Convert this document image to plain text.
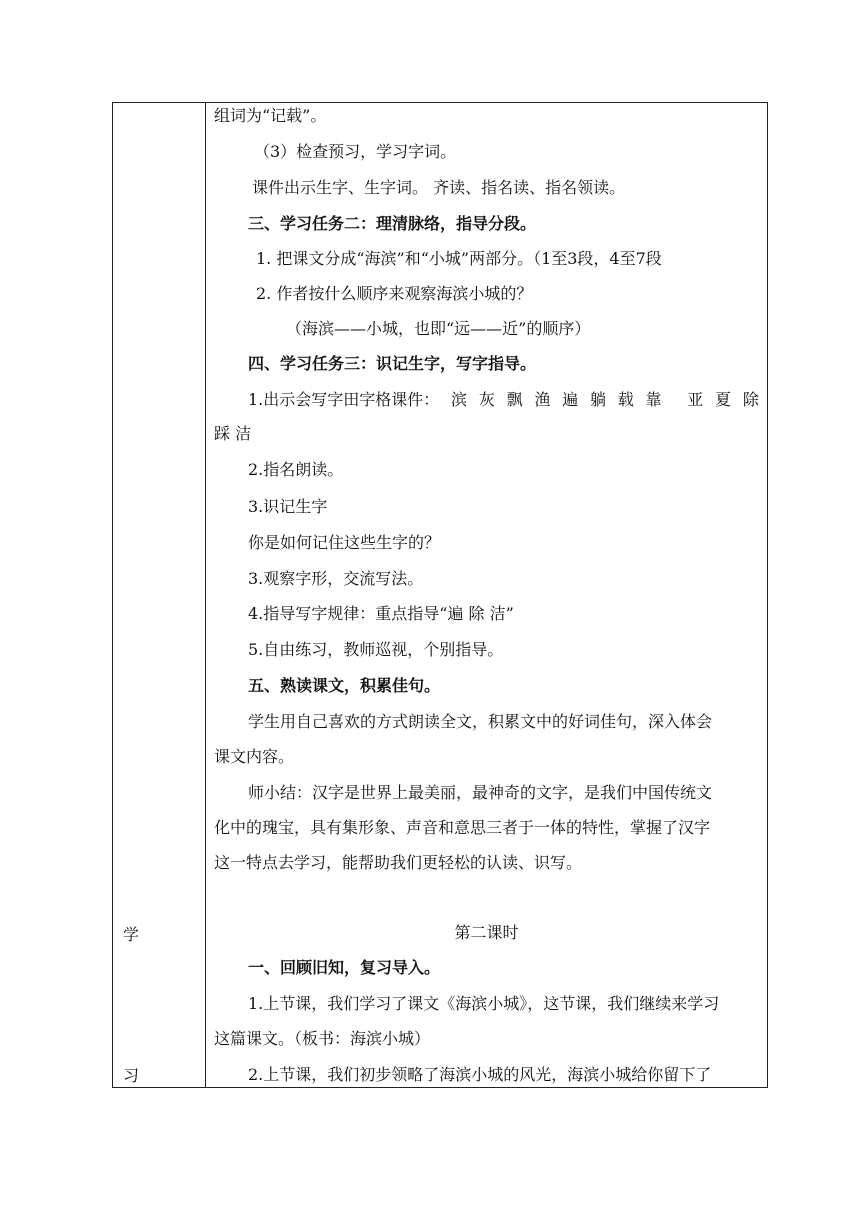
学
习
组词为“记载”。
（3）检查预习，学习字词。
课件出示生字、生字词。 齐读、指名读、指名领读。
三、学习任务二：理清脉络，指导分段。
1. 把课文分成“海滨”和“小城”两部分。（1至3段，4至7段
2. 作者按什么顺序来观察海滨小城的？
（海滨——小城，也即“远——近”的顺序）
四、学习任务三：识记生字，写字指导。
1.出示会写字田字格课件： 滨 灰 飘 渔 遍 躺 载 靠 亚 夏 除
踩 洁
2.指名朗读。
3.识记生字
你是如何记住这些生字的？
3.观察字形，交流写法。
4.指导写字规律：重点指导“遍 除 洁”
5.自由练习，教师巡视，个别指导。
五、熟读课文，积累佳句。
学生用自己喜欢的方式朗读全文，积累文中的好词佳句，深入体会
课文内容。
师小结：汉字是世界上最美丽，最神奇的文字，是我们中国传统文
化中的瑰宝，具有集形象、声音和意思三者于一体的特性，掌握了汉字
这一特点去学习，能帮助我们更轻松的认读、识写。
第二课时
一、回顾旧知，复习导入。
1.上节课，我们学习了课文《海滨小城》，这节课，我们继续来学习
这篇课文。（板书：海滨小城）
2.上节课，我们初步领略了海滨小城的风光，海滨小城给你留下了
